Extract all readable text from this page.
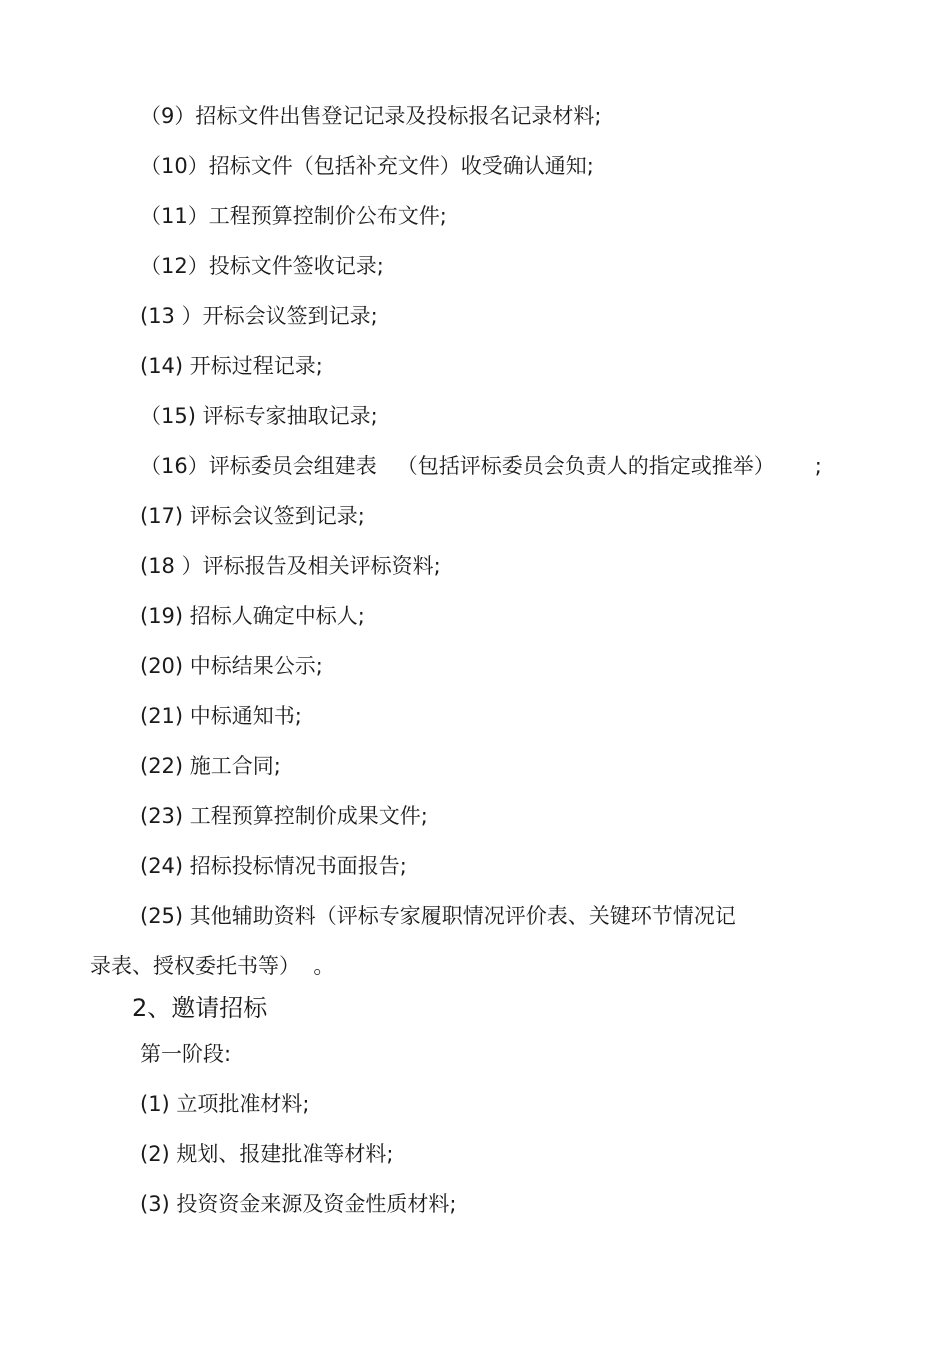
（9）招标文件出售登记记录及投标报名记录材料;
（10）招标文件（包括补充文件）收受确认通知;
（11）工程预算控制价公布文件;
（12）投标文件签收记录;
(13 ）开标会议签到记录;
(14) 开标过程记录;
（15) 评标专家抽取记录;
（16）评标委员会组建表   （包括评标委员会负责人的指定或推举）      ;
(17) 评标会议签到记录;
(18 ）评标报告及相关评标资料;
(19) 招标人确定中标人;
(20) 中标结果公示;
(21) 中标通知书;
(22) 施工合同;
(23) 工程预算控制价成果文件;
(24) 招标投标情况书面报告;
(25) 其他辅助资料（评标专家履职情况评价表、关键环节情况记
录表、授权委托书等）  。
2、邀请招标
第一阶段:
(1) 立项批准材料;
(2) 规划、报建批准等材料;
(3) 投资资金来源及资金性质材料;
